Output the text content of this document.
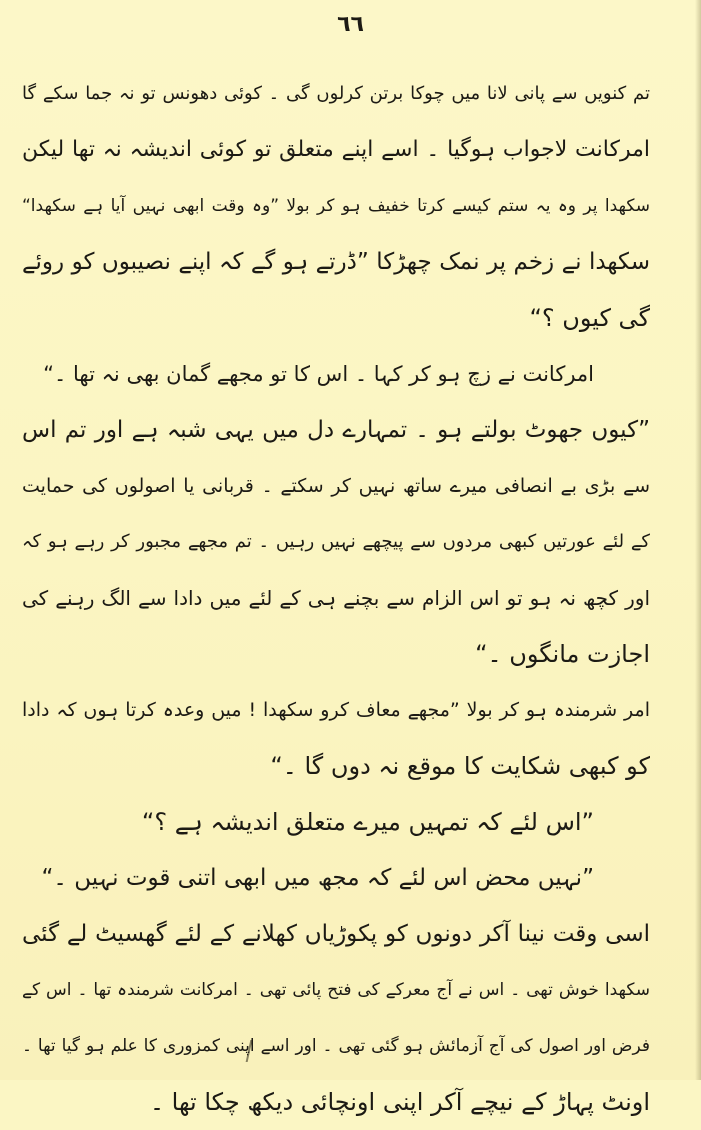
٦٦
تم کنویں سے پانی لانا میں چوکا برتن کرلوں گی ۔ کوئی دھونس تو نہ جما سکے گا
امرکانت لاجواب ہوگیا ۔ اسے اپنے متعلق تو کوئی اندیشہ نہ تھا لیکن
سکھدا پر وہ یہ ستم کیسے کرتا خفیف ہو کر بولا ”وہ وقت ابھی نہیں آیا ہے سکھدا“
سکھدا نے زخم پر نمک چھڑکا ”ڈرتے ہو گے کہ اپنے نصیبوں کو روئے
گی کیوں ؟“
امرکانت نے زچ ہو کر کہا ۔ اس کا تو مجھے گمان بھی نہ تھا ۔“
”کیوں جھوٹ بولتے ہو ۔ تمہارے دل میں یہی شبہ ہے اور تم اس
سے بڑی بے انصافی میرے ساتھ نہیں کر سکتے ۔ قربانی یا اصولوں کی حمایت
کے لئے عورتیں کبھی مردوں سے پیچھے نہیں رہیں ۔ تم مجھے مجبور کر رہے ہو کہ
اور کچھ نہ ہو تو اس الزام سے بچنے ہی کے لئے میں دادا سے الگ رہنے کی
اجازت مانگوں ۔“
امر شرمندہ ہو کر بولا ”مجھے معاف کرو سکھدا ! میں وعدہ کرتا ہوں کہ دادا
کو کبھی شکایت کا موقع نہ دوں گا ۔“
”اس لئے کہ تمہیں میرے متعلق اندیشہ ہے ؟“
”نہیں محض اس لئے کہ مجھ میں ابھی اتنی قوت نہیں ۔“
اسی وقت نینا آکر دونوں کو پکوڑیاں کھلانے کے لئے گھسیٹ لے گئی
سکھدا خوش تھی ۔ اس نے آج معرکے کی فتح پائی تھی ۔ امرکانت شرمندہ تھا ۔ اس کے
فرض اور اصول کی آج آزمائش ہو گئی تھی ۔ اور اسے اپنی کمزوری کا علم ہو گیا تھا ۔
اونٹ پہاڑ کے نیچے آکر اپنی اونچائی دیکھ چکا تھا ۔
